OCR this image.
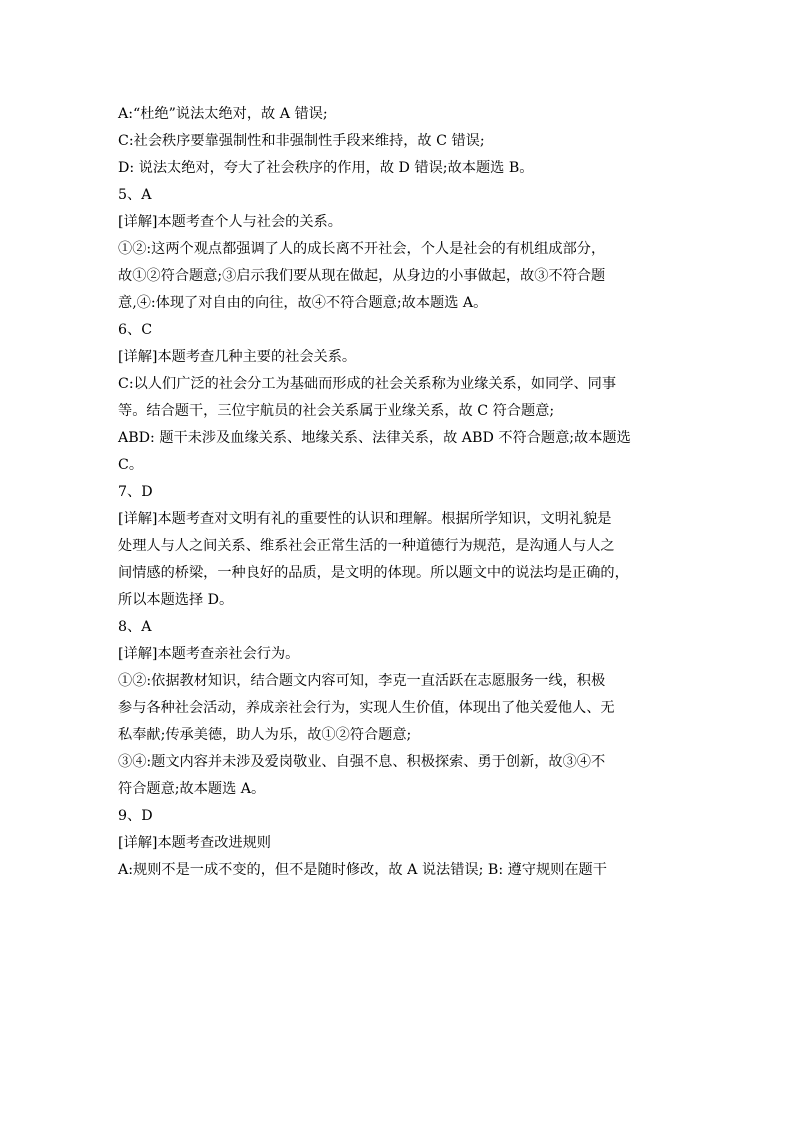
A:“杜绝”说法太绝对，故 A 错误;
C:社会秩序要靠强制性和非强制性手段来维持，故 C 错误;
D: 说法太绝对，夸大了社会秩序的作用，故 D 错误;故本题选 B。
5、A
[详解]本题考查个人与社会的关系。
①②:这两个观点都强调了人的成长离不开社会，个人是社会的有机组成部分，
故①②符合题意;③启示我们要从现在做起，从身边的小事做起，故③不符合题
意,④:体现了对自由的向往，故④不符合题意;故本题选 A。
6、C
[详解]本题考查几种主要的社会关系。
C:以人们广泛的社会分工为基础而形成的社会关系称为业缘关系，如同学、同事
等。结合题干，三位宇航员的社会关系属于业缘关系，故 C 符合题意;
ABD: 题干未涉及血缘关系、地缘关系、法律关系，故 ABD 不符合题意;故本题选
C。
7、D
[详解]本题考查对文明有礼的重要性的认识和理解。根据所学知识，文明礼貌是
处理人与人之间关系、维系社会正常生活的一种道德行为规范，是沟通人与人之
间情感的桥梁，一种良好的品质，是文明的体现。所以题文中的说法均是正确的，
所以本题选择 D。
8、A
[详解]本题考查亲社会行为。
①②:依据教材知识，结合题文内容可知，李克一直活跃在志愿服务一线，积极
参与各种社会活动，养成亲社会行为，实现人生价值，体现出了他关爱他人、无
私奉献;传承美德，助人为乐，故①②符合题意;
③④:题文内容并未涉及爱岗敬业、自强不息、积极探索、勇于创新，故③④不
符合题意;故本题选 A。
9、D
[详解]本题考查改进规则
A:规则不是一成不变的，但不是随时修改，故 A 说法错误; B: 遵守规则在题干
